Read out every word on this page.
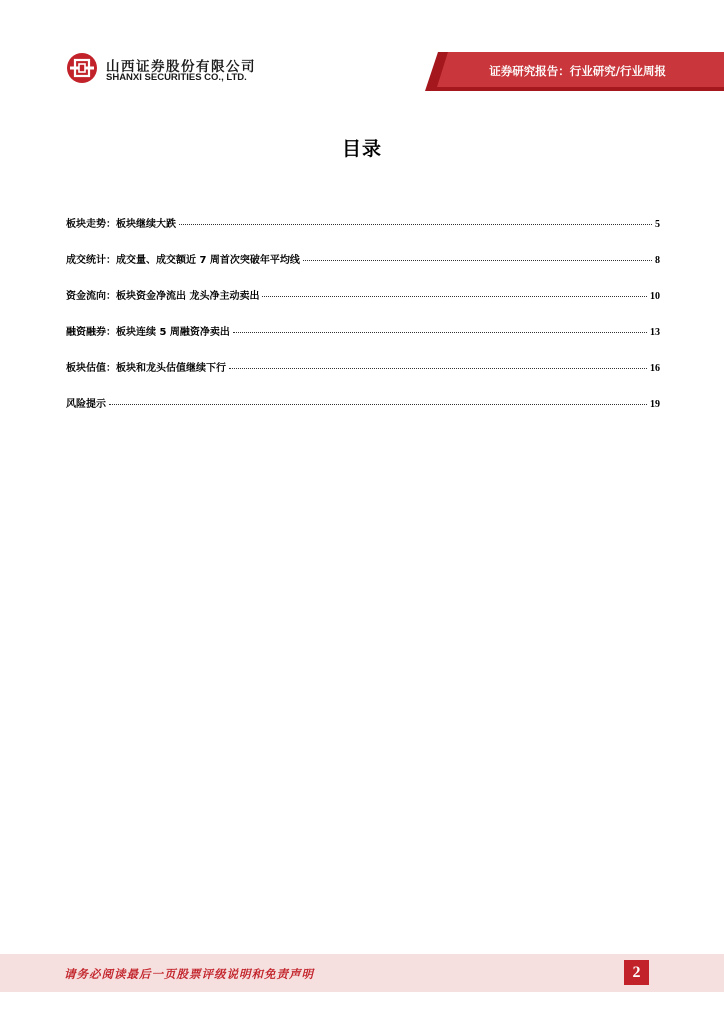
山西证券股份有限公司
SHANXI SECURITIES CO., LTD.	证券研究报告：行业研究/行业周报
目录
板块走势：板块继续大跌	5
成交统计：成交量、成交额近 7 周首次突破年平均线	8
资金流向：板块资金净流出 龙头净主动卖出	10
融资融券：板块连续 5 周融资净卖出	13
板块估值：板块和龙头估值继续下行	16
风险提示	19
请务必阅读最后一页股票评级说明和免责声明	2
